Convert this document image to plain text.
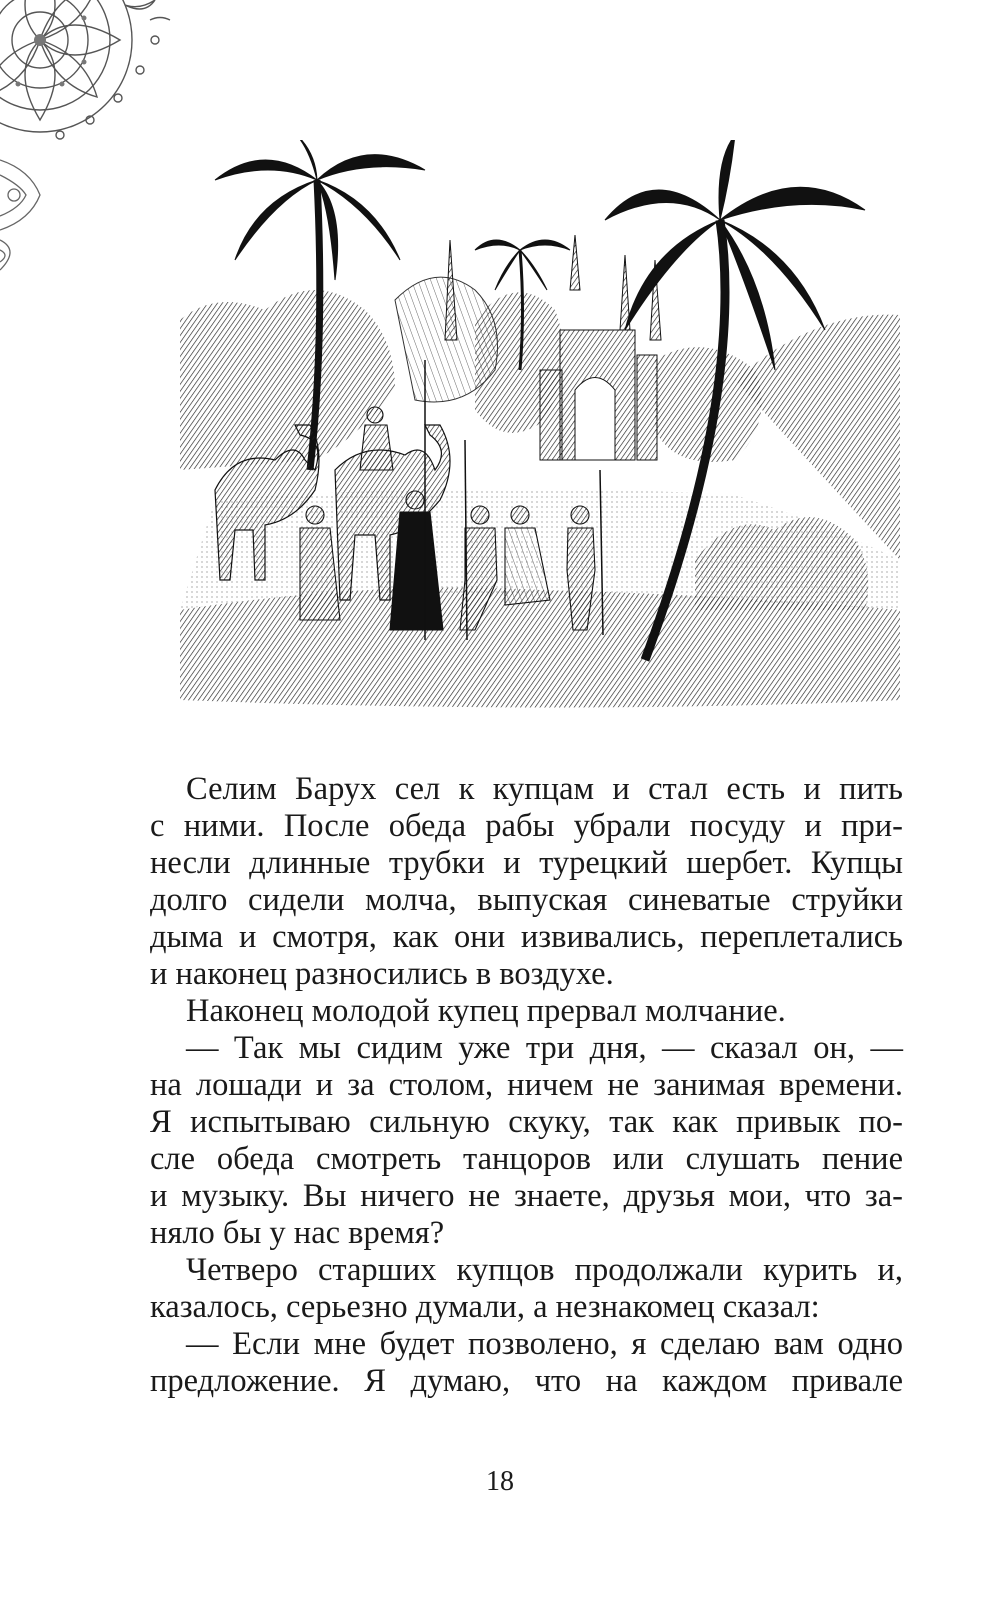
Селим Барух сел к купцам и стал есть и пить
с ними. После обеда рабы убрали посуду и при-
несли длинные трубки и турецкий шербет. Купцы
долго сидели молча, выпуская синеватые струйки
дыма и смотря, как они извивались, переплетались
и наконец разносились в воздухе.
Наконец молодой купец прервал молчание.
— Так мы сидим уже три дня, — сказал он, —
на лошади и за столом, ничем не занимая времени.
Я испытываю сильную скуку, так как привык по-
сле обеда смотреть танцоров или слушать пение
и музыку. Вы ничего не знаете, друзья мои, что за-
няло бы у нас время?
Четверо старших купцов продолжали курить и,
казалось, серьезно думали, а незнакомец сказал:
— Если мне будет позволено, я сделаю вам одно
предложение. Я думаю, что на каждом привале
18
